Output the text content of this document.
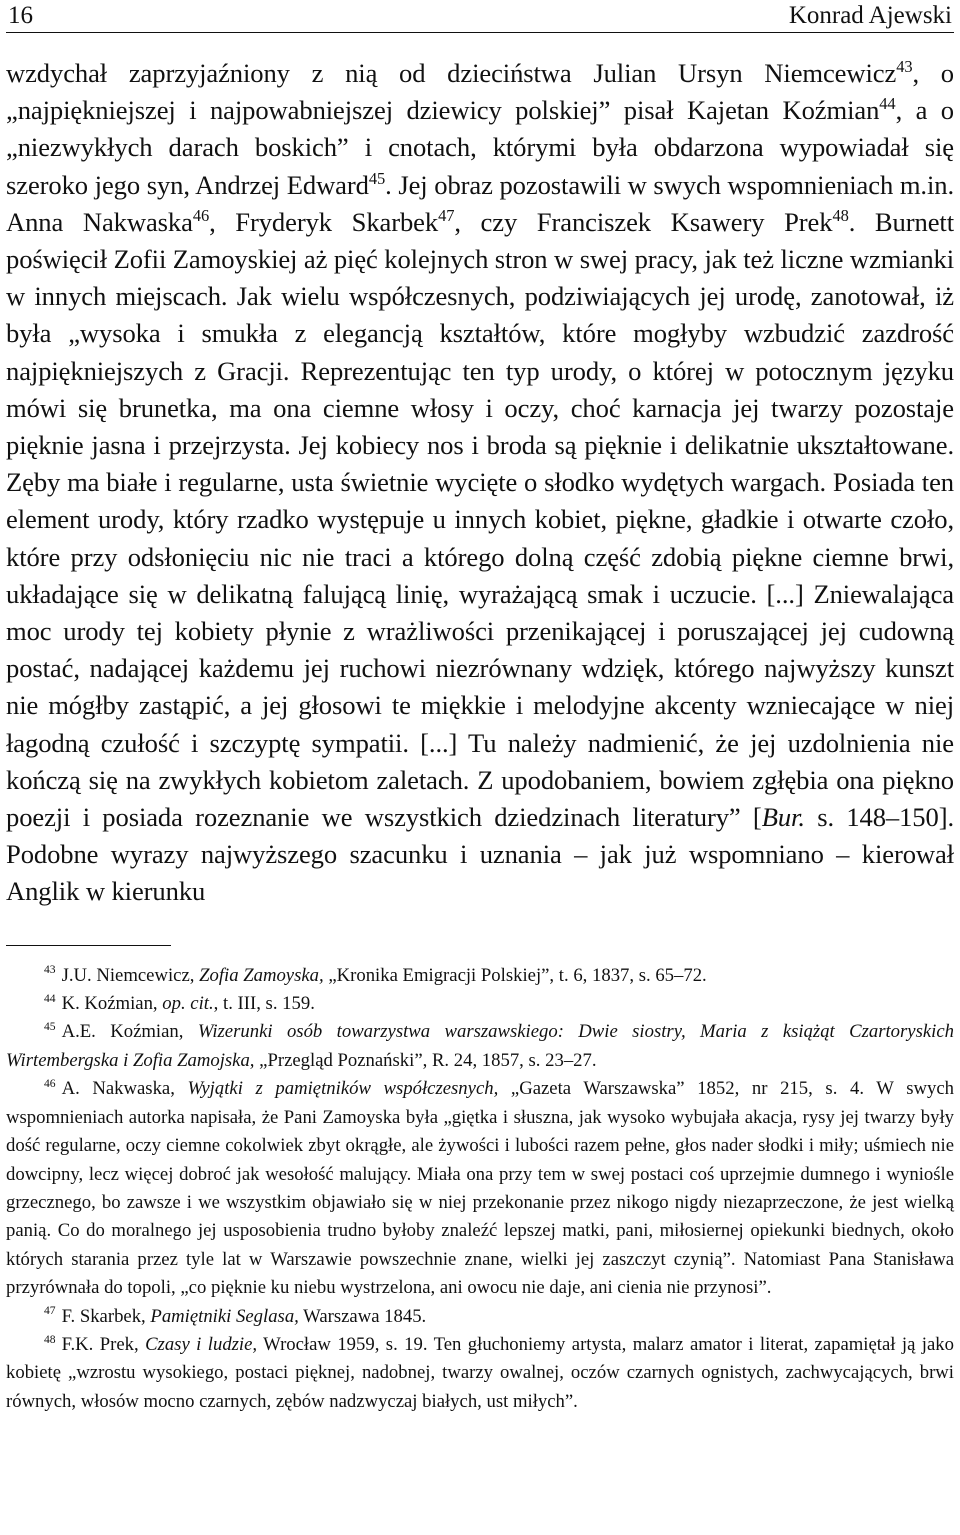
16	Konrad Ajewski

wzdychał zaprzyjaźniony z nią od dzieciństwa Julian Ursyn Niemcewicz$^{43}$, o „najpiękniejszej i najpowabniejszej dziewicy polskiej” pisał Kajetan Koźmian$^{44}$, a o „niezwykłych darach boskich” i cnotach, którymi była obdarzona wypowiadał się szeroko jego syn, Andrzej Edward$^{45}$. Jej obraz pozostawili w swych wspomnieniach m.in. Anna Nakwaska$^{46}$, Fryderyk Skarbek$^{47}$, czy Franciszek Ksawery Prek$^{48}$. Burnett poświęcił Zofii Zamoyskiej aż pięć kolejnych stron w swej pracy, jak też liczne wzmianki w innych miejscach. Jak wielu współczesnych, podziwiających jej urodę, zanotował, iż była „wysoka i smukła z elegancją kształtów, które mogłyby wzbudzić zazdrość najpiękniejszych z Gracji. Reprezentując ten typ urody, o której w potocznym języku mówi się brunetka, ma ona ciemne włosy i oczy, choć karnacja jej twarzy pozostaje pięknie jasna i przejrzysta. Jej kobiecy nos i broda są pięknie i delikatnie ukształtowane. Zęby ma białe i regularne, usta świetnie wycięte o słodko wydętych wargach. Posiada ten element urody, który rzadko występuje u innych kobiet, piękne, gładkie i otwarte czoło, które przy odsłonięciu nic nie traci a którego dolną część zdobią piękne ciemne brwi, układające się w delikatną falującą linię, wyrażającą smak i uczucie. [...] Zniewalająca moc urody tej kobiety płynie z wrażliwości przenikającej i poruszającej jej cudowną postać, nadającej każdemu jej ruchowi niezrównany wdzięk, którego najwyższy kunszt nie mógłby zastąpić, a jej głosowi te miękkie i melodyjne akcenty wzniecające w niej łagodną czułość i szczyptę sympatii. [...] Tu należy nadmienić, że jej uzdolnienia nie kończą się na zwykłych kobietom zaletach. Z upodobaniem, bowiem zgłębia ona piękno poezji i posiada rozeznanie we wszystkich dziedzinach literatury” [Bur. s. 148–150]. Podobne wyrazy najwyższego szacunku i uznania – jak już wspomniano – kierował Anglik w kierunku

$^{43}$ J.U. Niemcewicz, Zofia Zamoyska, „Kronika Emigracji Polskiej”, t. 6, 1837, s. 65–72.

$^{44}$ K. Koźmian, op. cit., t. III, s. 159.

$^{45}$ A.E. Koźmian, Wizerunki osób towarzystwa warszawskiego: Dwie siostry, Maria z książąt Czartoryskich Wirtembergska i Zofia Zamojska, „Przegląd Poznański”, R. 24, 1857, s. 23–27.

$^{46}$ A. Nakwaska, Wyjątki z pamiętników współczesnych, „Gazeta Warszawska” 1852, nr 215, s. 4. W swych wspomnieniach autorka napisała, że Pani Zamoyska była „giętka i słuszna, jak wysoko wybujała akacja, rysy jej twarzy były dość regularne, oczy ciemne cokolwiek zbyt okrągłe, ale żywości i lubości razem pełne, głos nader słodki i miły; uśmiech nie dowcipny, lecz więcej dobroć jak wesołość malujący. Miała ona przy tem w swej postaci coś uprzejmie dumnego i wyniośle grzecznego, bo zawsze i we wszystkim objawiało się w niej przekonanie przez nikogo nigdy niezaprzeczone, że jest wielką panią. Co do moralnego jej usposobienia trudno byłoby znaleźć lepszej matki, pani, miłosiernej opiekunki biednych, około których starania przez tyle lat w Warszawie powszechnie znane, wielki jej zaszczyt czynią”. Natomiast Pana Stanisława przyrównała do topoli, „co pięknie ku niebu wystrzelona, ani owocu nie daje, ani cienia nie przynosi”.

$^{47}$ F. Skarbek, Pamiętniki Seglasa, Warszawa 1845.

$^{48}$ F.K. Prek, Czasy i ludzie, Wrocław 1959, s. 19. Ten głuchoniemy artysta, malarz amator i literat, zapamiętał ją jako kobietę „wzrostu wysokiego, postaci pięknej, nadobnej, twarzy owalnej, oczów czarnych ognistych, zachwycających, brwi równych, włosów mocno czarnych, zębów nadzwyczaj białych, ust miłych”.
